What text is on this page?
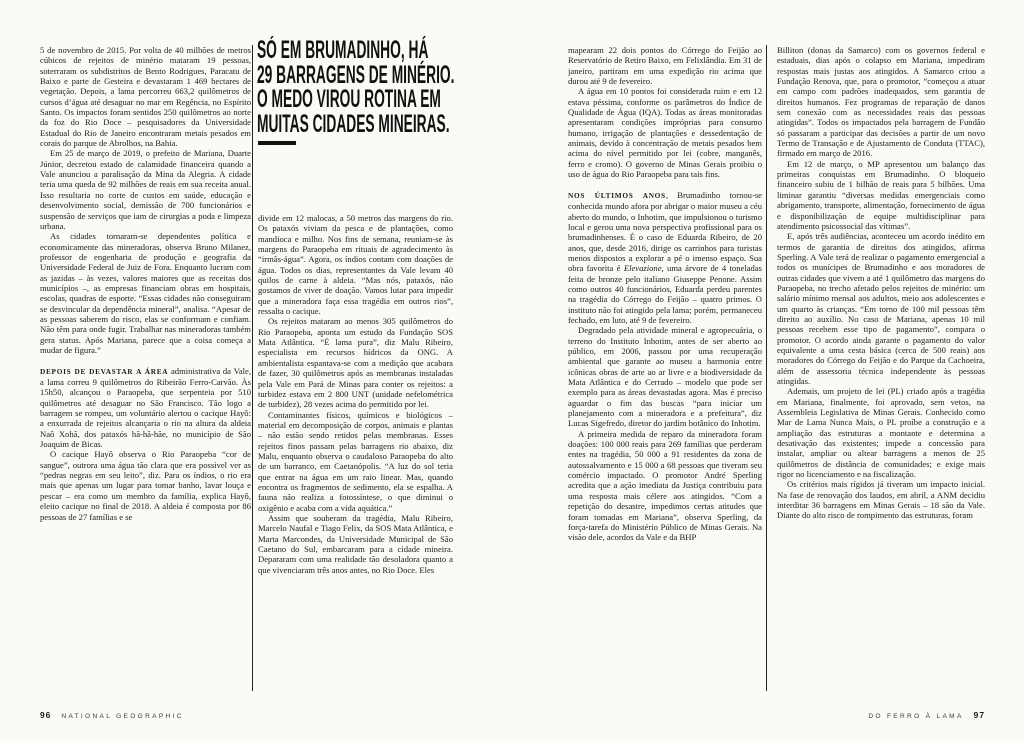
SÓ EM BRUMADINHO, HÁ
29 BARRAGENS DE MINÉRIO.
O MEDO VIROU ROTINA EM
MUITAS CIDADES MINEIRAS.

5 de novembro de 2015. Por volta de 40 milhões de metros cúbicos de rejeitos de minério mataram 19 pessoas, soterraram os subdistritos de Bento Rodrigues, Paracatu de Baixo e parte de Gesteira e devastaram 1 469 hectares de vegetação. Depois, a lama percorreu 663,2 quilômetros de cursos d’água até desaguar no mar em Regência, no Espírito Santo. Os impactos foram sentidos 250 quilômetros ao norte da foz do Rio Doce – pesquisadores da Universidade Estadual do Rio de Janeiro encontraram metais pesados em corais do parque de Abrolhos, na Bahia.

Em 25 de março de 2019, o prefeito de Mariana, Duarte Júnior, decretou estado de calamidade financeira quando a Vale anunciou a paralisação da Mina da Alegria. A cidade teria uma queda de 92 milhões de reais em sua receita anual. Isso resultaria no corte de custos em saúde, educação e desenvolvimento social, demissão de 700 funcionários e suspensão de serviços que iam de cirurgias a poda e limpeza urbana.

As cidades tornaram-se dependentes política e economicamente das mineradoras, observa Bruno Milanez, professor de engenharia de produção e geografia da Universidade Federal de Juiz de Fora. Enquanto lucram com as jazidas – às vezes, valores maiores que as receitas dos municípios –, as empresas financiam obras em hospitais, escolas, quadras de esporte. “Essas cidades não conseguiram se desvincular da dependência mineral”, analisa. “Apesar de as pessoas saberem do risco, elas se conformam e confiam. Não têm para onde fugir. Trabalhar nas mineradoras também gera status. Após Mariana, parece que a coisa começa a mudar de figura.”

DEPOIS DE DEVASTAR A ÁREA administrativa da Vale, a lama correu 9 quilômetros do Ribeirão Ferro-Carvão. Às 15h50, alcançou o Paraopeba, que serpenteia por 510 quilômetros até desaguar no São Francisco. Tão logo a barragem se rompeu, um voluntário alertou o cacique Hayô: a enxurrada de rejeitos alcançaria o rio na altura da aldeia Naô Xohã, dos pataxós hã-hã-hãe, no município de São Joaquim de Bicas.

O cacique Hayô observa o Rio Paraopeba “cor de sangue”, outrora uma água tão clara que era possível ver as “pedras negras em seu leito”, diz. Para os índios, o rio era mais que apenas um lugar para tomar banho, lavar louça e pescar – era como um membro da família, explica Hayô, eleito cacique no final de 2018. A aldeia é composta por 86 pessoas de 27 famílias e se

divide em 12 malocas, a 50 metros das margens do rio. Os pataxós viviam da pesca e de plantações, como mandioca e milho. Nos fins de semana, reuniam-se às margens do Paraopeba em rituais de agradecimento às “irmãs-água”. Agora, os índios contam com doações de água. Todos os dias, representantes da Vale levam 40 quilos de carne à aldeia. “Mas nós, pataxós, não gostamos de viver de doação. Vamos lutar para impedir que a mineradora faça essa tragédia em outros rios”, ressalta o cacique.

Os rejeitos mataram ao menos 305 quilômetros do Rio Paraopeba, aponta um estudo da Fundação SOS Mata Atlântica. “É lama pura”, diz Malu Ribeiro, especialista em recursos hídricos da ONG. A ambientalista espantava-se com a medição que acabara de fazer, 30 quilômetros após as membranas instaladas pela Vale em Pará de Minas para conter os rejeitos: a turbidez estava em 2 800 UNT (unidade nefelométrica de turbidez), 28 vezes acima do permitido por lei.

Contaminantes físicos, químicos e biológicos – material em decomposição de corpos, animais e plantas – não estão sendo retidos pelas membranas. Esses rejeitos finos passam pelas barragens rio abaixo, diz Malu, enquanto observa o caudaloso Paraopeba do alto de um barranco, em Caetanópolis. “A luz do sol teria que entrar na água em um raio linear. Mas, quando encontra os fragmentos de sedimento, ela se espalha. A fauna não realiza a fotossíntese, o que diminui o oxigênio e acaba com a vida aquática.”

Assim que souberam da tragédia, Malu Ribeiro, Marcelo Naufal e Tiago Felix, da SOS Mata Atlântica, e Marta Marcondes, da Universidade Municipal de São Caetano do Sul, embarcaram para a cidade mineira. Depararam com uma realidade tão desoladora quanto a que vivenciaram três anos antes, no Rio Doce. Eles

mapearam 22 dois pontos do Córrego do Feijão ao Reservatório de Retiro Baixo, em Felixlândia. Em 31 de janeiro, partiram em uma expedição rio acima que durou até 9 de fevereiro.

A água em 10 pontos foi considerada ruim e em 12 estava péssima, conforme os parâmetros do Índice de Qualidade de Água (IQA). Todas as áreas monitoradas apresentaram condições impróprias para consumo humano, irrigação de plantações e dessedentação de animais, devido à concentração de metais pesados bem acima do nível permitido por lei (cobre, manganês, ferro e cromo). O governo de Minas Gerais proibiu o uso de água do Rio Paraopeba para tais fins.

NOS ÚLTIMOS ANOS, Brumadinho tornou-se conhecida mundo afora por abrigar o maior museu a céu aberto do mundo, o Inhotim, que impulsionou o turismo local e gerou uma nova perspectiva profissional para os brumadinhenses. É o caso de Eduarda Ribeiro, de 20 anos, que, desde 2016, dirige os carrinhos para turistas menos dispostos a explorar a pé o imenso espaço. Sua obra favorita é Elevazione, uma árvore de 4 toneladas feita de bronze pelo italiano Giuseppe Penone. Assim como outros 40 funcionários, Eduarda perdeu parentes na tragédia do Córrego do Feijão – quatro primos. O instituto não foi atingido pela lama; porém, permaneceu fechado, em luto, até 9 de fevereiro.

Degradado pela atividade mineral e agropecuária, o terreno do Instituto Inhotim, antes de ser aberto ao público, em 2006, passou por uma recuperação ambiental que garante ao museu a harmonia entre icônicas obras de arte ao ar livre e a biodiversidade da Mata Atlântica e do Cerrado – modelo que pode ser exemplo para as áreas devastadas agora. Mas é preciso aguardar o fim das buscas “para iniciar um planejamento com a mineradora e a prefeitura”, diz Lucas Sigefredo, diretor do jardim botânico do Inhotim.

A primeira medida de reparo da mineradora foram doações: 100 000 reais para 269 famílias que perderam entes na tragédia, 50 000 a 91 residentes da zona de autossalvamento e 15 000 a 68 pessoas que tiveram seu comércio impactado. O promotor André Sperling acredita que a ação imediata da Justiça contribuiu para uma resposta mais célere aos atingidos. “Com a repetição do desastre, impedimos certas atitudes que foram tomadas em Mariana”, observa Sperling, da força-tarefa do Ministério Público de Minas Gerais. Na visão dele, acordos da Vale e da BHP

Billiton (donas da Samarco) com os governos federal e estaduais, dias após o colapso em Mariana, impediram respostas mais justas aos atingidos. A Samarco criou a Fundação Renova, que, para o promotor, “começou a atuar em campo com padrões inadequados, sem garantia de direitos humanos. Fez programas de reparação de danos sem conexão com as necessidades reais das pessoas atingidas”. Todos os impactados pela barragem de Fundão só passaram a participar das decisões a partir de um novo Termo de Transação e de Ajustamento de Conduta (TTAC), firmado em março de 2016.

Em 12 de março, o MP apresentou um balanço das primeiras conquistas em Brumadinho. O bloqueio financeiro subiu de 1 bilhão de reais para 5 bilhões. Uma liminar garantiu “diversas medidas emergenciais como abrigamento, transporte, alimentação, fornecimento de água e disponibilização de equipe multidisciplinar para atendimento psicossocial das vítimas”.

E, após três audiências, aconteceu um acordo inédito em termos de garantia de direitos dos atingidos, afirma Sperling. A Vale terá de realizar o pagamento emergencial a todos os munícipes de Brumadinho e aos moradores de outras cidades que vivem a até 1 quilômetro das margens do Paraopeba, no trecho afetado pelos rejeitos de minério: um salário mínimo mensal aos adultos, meio aos adolescentes e um quarto às crianças. “Em torno de 100 mil pessoas têm direito ao auxílio. No caso de Mariana, apenas 10 mil pessoas recebem esse tipo de pagamento”, compara o promotor. O acordo ainda garante o pagamento do valor equivalente a uma cesta básica (cerca de 500 reais) aos moradores do Córrego do Feijão e do Parque da Cachoeira, além de assessoria técnica independente às pessoas atingidas.

Ademais, um projeto de lei (PL) criado após a tragédia em Mariana, finalmente, foi aprovado, sem vetos, na Assembleia Legislativa de Minas Gerais. Conhecido como Mar de Lama Nunca Mais, o PL proíbe a construção e a ampliação das estruturas a montante e determina a desativação das existentes; impede a concessão para instalar, ampliar ou altear barragens a menos de 25 quilômetros de distância de comunidades; e exige mais rigor no licenciamento e na fiscalização.

Os critérios mais rígidos já tiveram um impacto inicial. Na fase de renovação dos laudos, em abril, a ANM decidiu interditar 36 barragens em Minas Gerais – 18 são da Vale. Diante do alto risco de rompimento das estruturas, foram

96 NATIONAL GEOGRAPHIC	DO FERRO À LAMA 97
